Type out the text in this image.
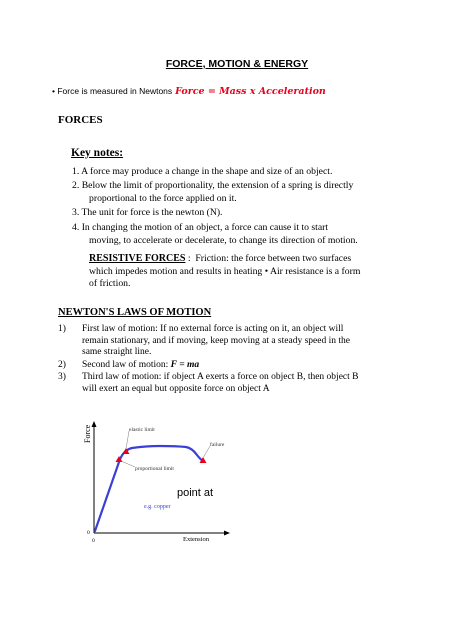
FORCE, MOTION & ENERGY
• Force is measured in Newtons Force = Mass x Acceleration
FORCES
Key notes:
1. A force may produce a change in the shape and size of an object.
2. Below the limit of proportionality, the extension of a spring is directly
proportional to the force applied on it.
3. The unit for force is the newton (N).
4. In changing the motion of an object, a force can cause it to start
moving, to accelerate or decelerate, to change its direction of motion.
RESISTIVE FORCES : Friction: the force between two surfaces which impedes motion and results in heating • Air resistance is a form of friction.
NEWTON'S LAWS OF MOTION
1) First law of motion: If no external force is acting on it, an object will
remain stationary, and if moving, keep moving at a steady speed in the
same straight line.
2) Second law of motion: F = ma
3) Third law of motion: if object A exerts a force on object B, then object B
will exert an equal but opposite force on object A
Force
Extension
0
0
elastic limit
failure
proportional limit
point at
e.g. copper
